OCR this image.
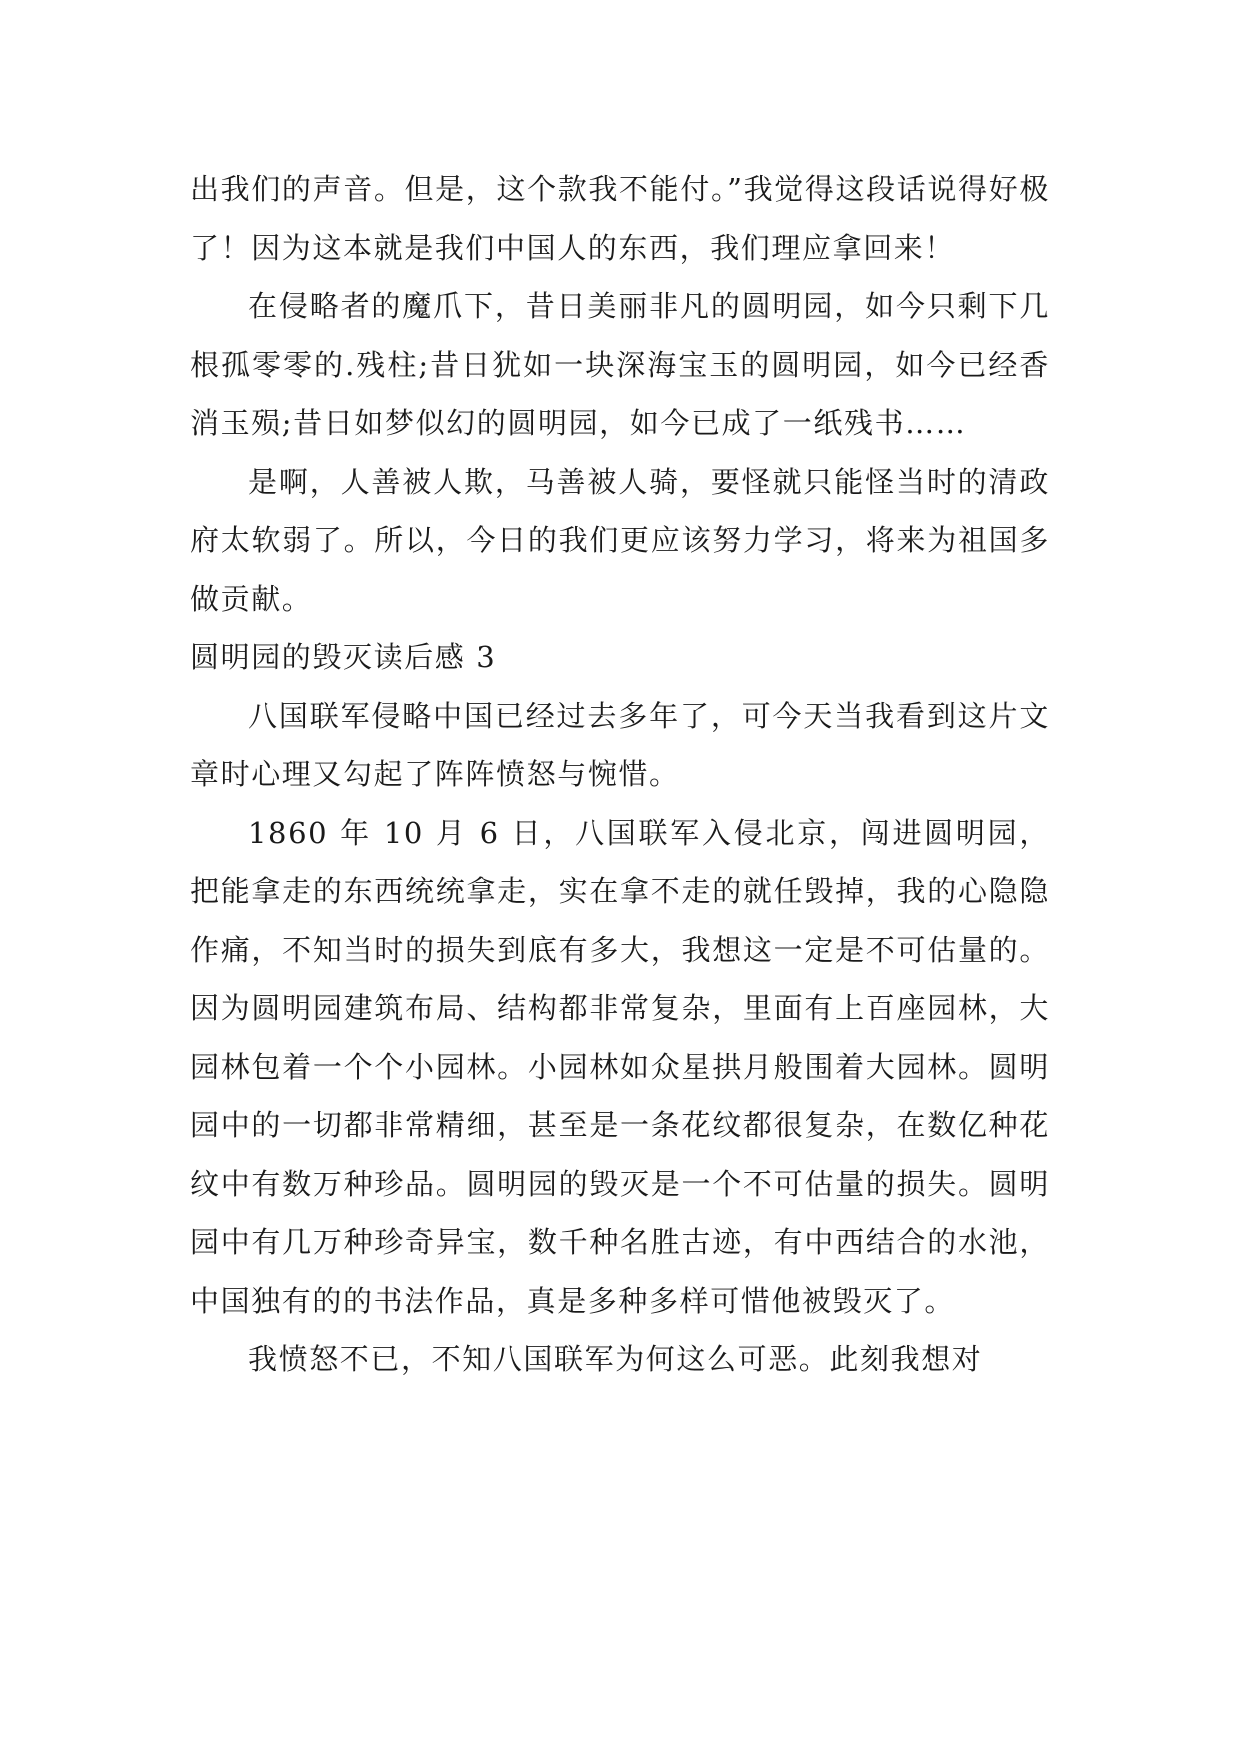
出我们的声音。但是，这个款我不能付。”我觉得这段话说得好极了！因为这本就是我们中国人的东西，我们理应拿回来！

在侵略者的魔爪下，昔日美丽非凡的圆明园，如今只剩下几根孤零零的.残柱;昔日犹如一块深海宝玉的圆明园，如今已经香消玉殒;昔日如梦似幻的圆明园，如今已成了一纸残书……

是啊，人善被人欺，马善被人骑，要怪就只能怪当时的清政府太软弱了。所以，今日的我们更应该努力学习，将来为祖国多做贡献。

圆明园的毁灭读后感 3

八国联军侵略中国已经过去多年了，可今天当我看到这片文章时心理又勾起了阵阵愤怒与惋惜。

1860 年 10 月 6 日，八国联军入侵北京，闯进圆明园，把能拿走的东西统统拿走，实在拿不走的就任毁掉，我的心隐隐作痛，不知当时的损失到底有多大，我想这一定是不可估量的。因为圆明园建筑布局、结构都非常复杂，里面有上百座园林，大园林包着一个个小园林。小园林如众星拱月般围着大园林。圆明园中的一切都非常精细，甚至是一条花纹都很复杂，在数亿种花纹中有数万种珍品。圆明园的毁灭是一个不可估量的损失。圆明园中有几万种珍奇异宝，数千种名胜古迹，有中西结合的水池，中国独有的的书法作品，真是多种多样可惜他被毁灭了。

我愤怒不已，不知八国联军为何这么可恶。此刻我想对
